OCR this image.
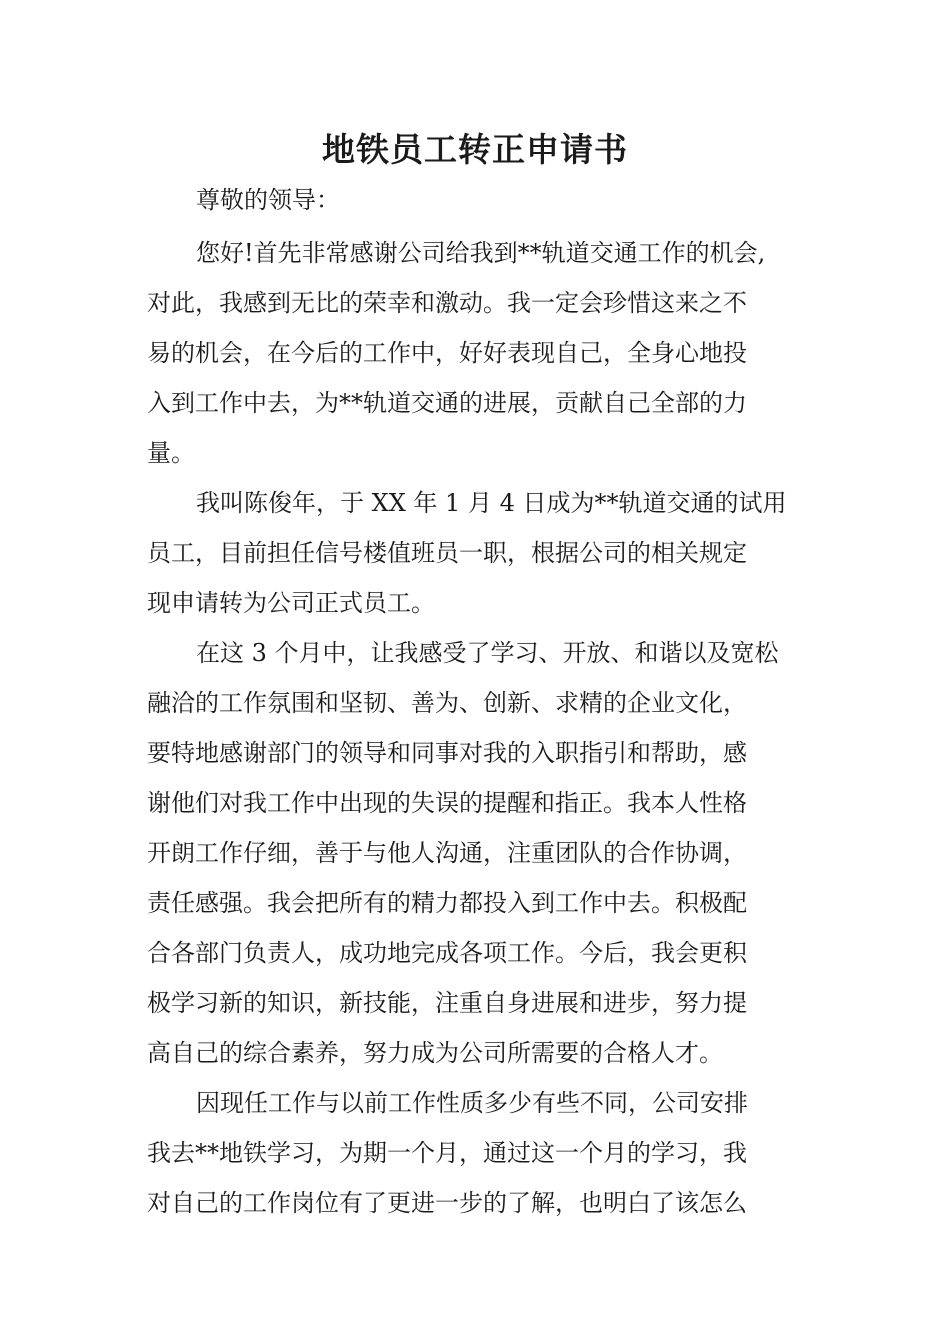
地铁员工转正申请书

尊敬的领导：

您好!首先非常感谢公司给我到**轨道交通工作的机会,
对此，我感到无比的荣幸和激动。我一定会珍惜这来之不
易的机会，在今后的工作中，好好表现自己，全身心地投
入到工作中去，为**轨道交通的进展，贡献自己全部的力
量。

我叫陈俊年，于 XX 年 1 月 4 日成为**轨道交通的试用
员工，目前担任信号楼值班员一职，根据公司的相关规定
现申请转为公司正式员工。

在这 3 个月中，让我感受了学习、开放、和谐以及宽松
融洽的工作氛围和坚韧、善为、创新、求精的企业文化，
要特地感谢部门的领导和同事对我的入职指引和帮助，感
谢他们对我工作中出现的失误的提醒和指正。我本人性格
开朗工作仔细，善于与他人沟通，注重团队的合作协调，
责任感强。我会把所有的精力都投入到工作中去。积极配
合各部门负责人，成功地完成各项工作。今后，我会更积
极学习新的知识，新技能，注重自身进展和进步，努力提
高自己的综合素养，努力成为公司所需要的合格人才。

因现任工作与以前工作性质多少有些不同，公司安排
我去**地铁学习，为期一个月，通过这一个月的学习，我
对自己的工作岗位有了更进一步的了解，也明白了该怎么
